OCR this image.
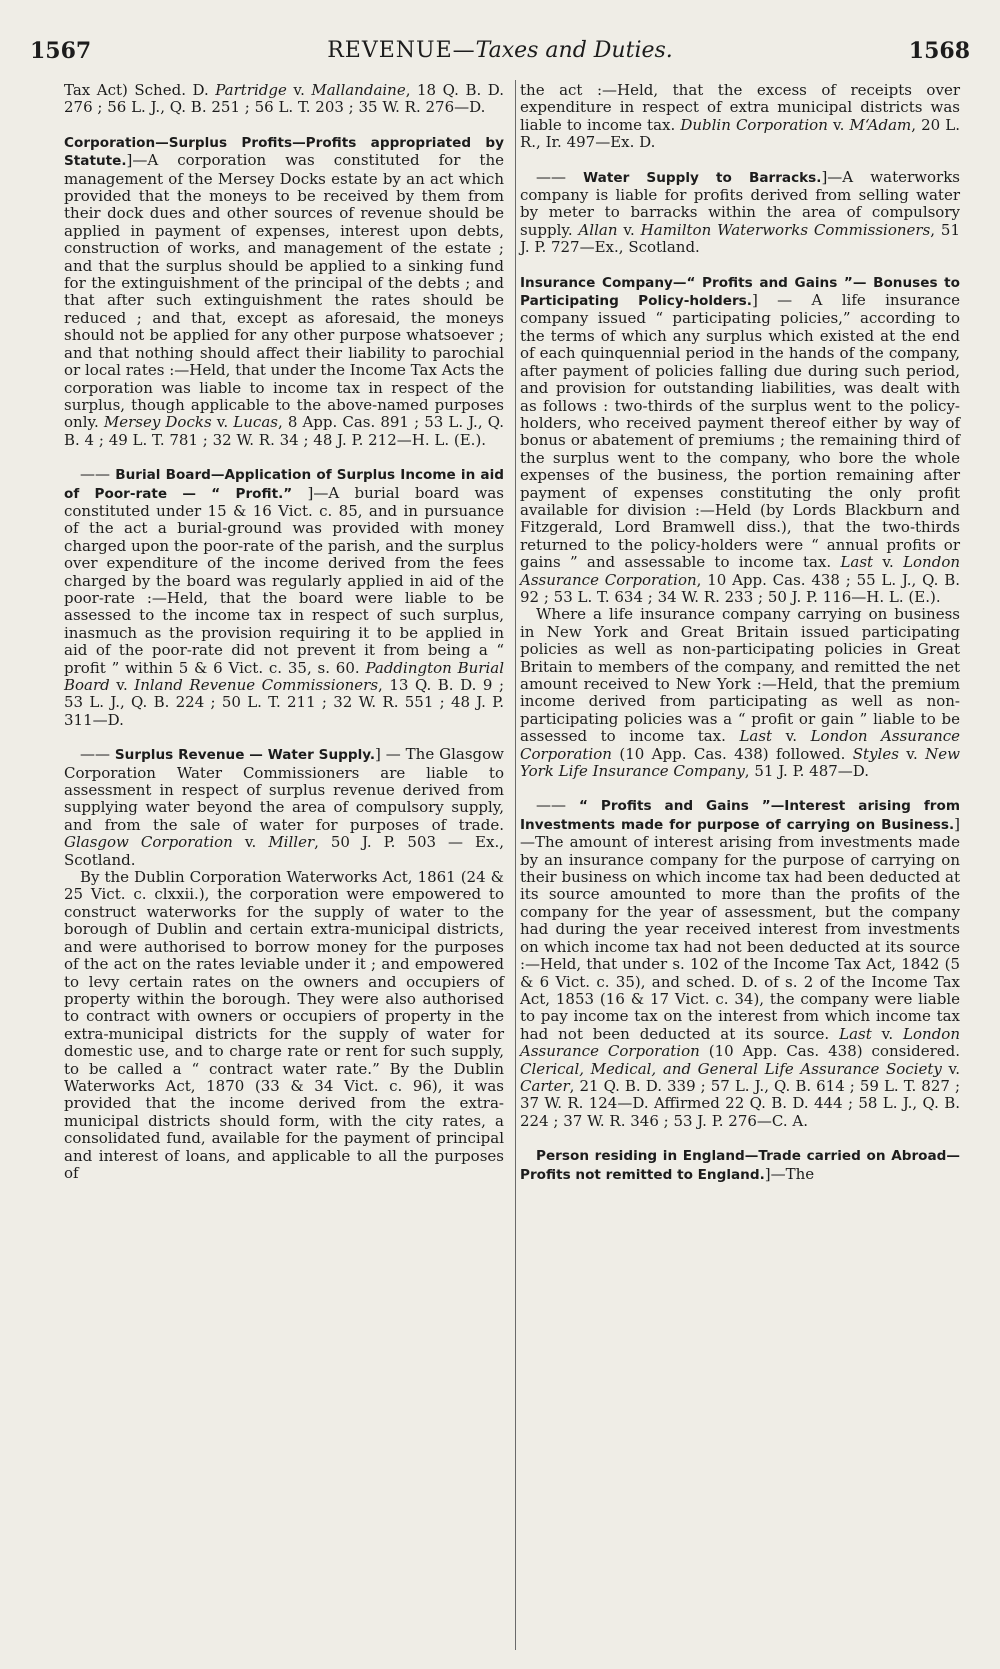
1567	REVENUE—Taxes and Duties.	1568

Tax Act) Sched. D. Partridge v. Mallandaine, 18 Q. B. D. 276 ; 56 L. J., Q. B. 251 ; 56 L. T. 203 ; 35 W. R. 276—D.

Corporation—Surplus Profits—Profits appropriated by Statute.]—A corporation was constituted for the management of the Mersey Docks estate by an act which provided that the moneys to be received by them from their dock dues and other sources of revenue should be applied in payment of expenses, interest upon debts, construction of works, and management of the estate ; and that the surplus should be applied to a sinking fund for the extinguishment of the principal of the debts ; and that after such extinguishment the rates should be reduced ; and that, except as aforesaid, the moneys should not be applied for any other purpose whatsoever ; and that nothing should affect their liability to parochial or local rates :—Held, that under the Income Tax Acts the corporation was liable to income tax in respect of the surplus, though applicable to the above-named purposes only. Mersey Docks v. Lucas, 8 App. Cas. 891 ; 53 L. J., Q. B. 4 ; 49 L. T. 781 ; 32 W. R. 34 ; 48 J. P. 212—H. L. (E.).

—— Burial Board—Application of Surplus Income in aid of Poor-rate — “ Profit.” ]—A burial board was constituted under 15 & 16 Vict. c. 85, and in pursuance of the act a burial-ground was provided with money charged upon the poor-rate of the parish, and the surplus over expenditure of the income derived from the fees charged by the board was regularly applied in aid of the poor-rate :—Held, that the board were liable to be assessed to the income tax in respect of such surplus, inasmuch as the provision requiring it to be applied in aid of the poor-rate did not prevent it from being a “ profit ” within 5 & 6 Vict. c. 35, s. 60. Paddington Burial Board v. Inland Revenue Commissioners, 13 Q. B. D. 9 ; 53 L. J., Q. B. 224 ; 50 L. T. 211 ; 32 W. R. 551 ; 48 J. P. 311—D.

—— Surplus Revenue — Water Supply.] — The Glasgow Corporation Water Commissioners are liable to assessment in respect of surplus revenue derived from supplying water beyond the area of compulsory supply, and from the sale of water for purposes of trade. Glasgow Corporation v. Miller, 50 J. P. 503 — Ex., Scotland.

By the Dublin Corporation Waterworks Act, 1861 (24 & 25 Vict. c. clxxii.), the corporation were empowered to construct waterworks for the supply of water to the borough of Dublin and certain extra-municipal districts, and were authorised to borrow money for the purposes of the act on the rates leviable under it ; and empowered to levy certain rates on the owners and occupiers of property within the borough. They were also authorised to contract with owners or occupiers of property in the extra-municipal districts for the supply of water for domestic use, and to charge rate or rent for such supply, to be called a “ contract water rate.” By the Dublin Waterworks Act, 1870 (33 & 34 Vict. c. 96), it was provided that the income derived from the extra-municipal districts should form, with the city rates, a consolidated fund, available for the payment of principal and interest of loans, and applicable to all the purposes of

the act :—Held, that the excess of receipts over expenditure in respect of extra municipal districts was liable to income tax. Dublin Corporation v. M‘Adam, 20 L. R., Ir. 497—Ex. D.

—— Water Supply to Barracks.]—A waterworks company is liable for profits derived from selling water by meter to barracks within the area of compulsory supply. Allan v. Hamilton Waterworks Commissioners, 51 J. P. 727—Ex., Scotland.

Insurance Company—“ Profits and Gains ”— Bonuses to Participating Policy-holders.] — A life insurance company issued “ participating policies,” according to the terms of which any surplus which existed at the end of each quinquennial period in the hands of the company, after payment of policies falling due during such period, and provision for outstanding liabilities, was dealt with as follows : two-thirds of the surplus went to the policy-holders, who received payment thereof either by way of bonus or abatement of premiums ; the remaining third of the surplus went to the company, who bore the whole expenses of the business, the portion remaining after payment of expenses constituting the only profit available for division :—Held (by Lords Blackburn and Fitzgerald, Lord Bramwell diss.), that the two-thirds returned to the policy-holders were “ annual profits or gains ” and assessable to income tax. Last v. London Assurance Corporation, 10 App. Cas. 438 ; 55 L. J., Q. B. 92 ; 53 L. T. 634 ; 34 W. R. 233 ; 50 J. P. 116—H. L. (E.).

Where a life insurance company carrying on business in New York and Great Britain issued participating policies as well as non-participating policies in Great Britain to members of the company, and remitted the net amount received to New York :—Held, that the premium income derived from participating as well as non-participating policies was a “ profit or gain ” liable to be assessed to income tax. Last v. London Assurance Corporation (10 App. Cas. 438) followed. Styles v. New York Life Insurance Company, 51 J. P. 487—D.

—— “ Profits and Gains ”—Interest arising from Investments made for purpose of carrying on Business.]—The amount of interest arising from investments made by an insurance company for the purpose of carrying on their business on which income tax had been deducted at its source amounted to more than the profits of the company for the year of assessment, but the company had during the year received interest from investments on which income tax had not been deducted at its source :—Held, that under s. 102 of the Income Tax Act, 1842 (5 & 6 Vict. c. 35), and sched. D. of s. 2 of the Income Tax Act, 1853 (16 & 17 Vict. c. 34), the company were liable to pay income tax on the interest from which income tax had not been deducted at its source. Last v. London Assurance Corporation (10 App. Cas. 438) considered. Clerical, Medical, and General Life Assurance Society v. Carter, 21 Q. B. D. 339 ; 57 L. J., Q. B. 614 ; 59 L. T. 827 ; 37 W. R. 124—D. Affirmed 22 Q. B. D. 444 ; 58 L. J., Q. B. 224 ; 37 W. R. 346 ; 53 J. P. 276—C. A.

Person residing in England—Trade carried on Abroad—Profits not remitted to England.]—The
